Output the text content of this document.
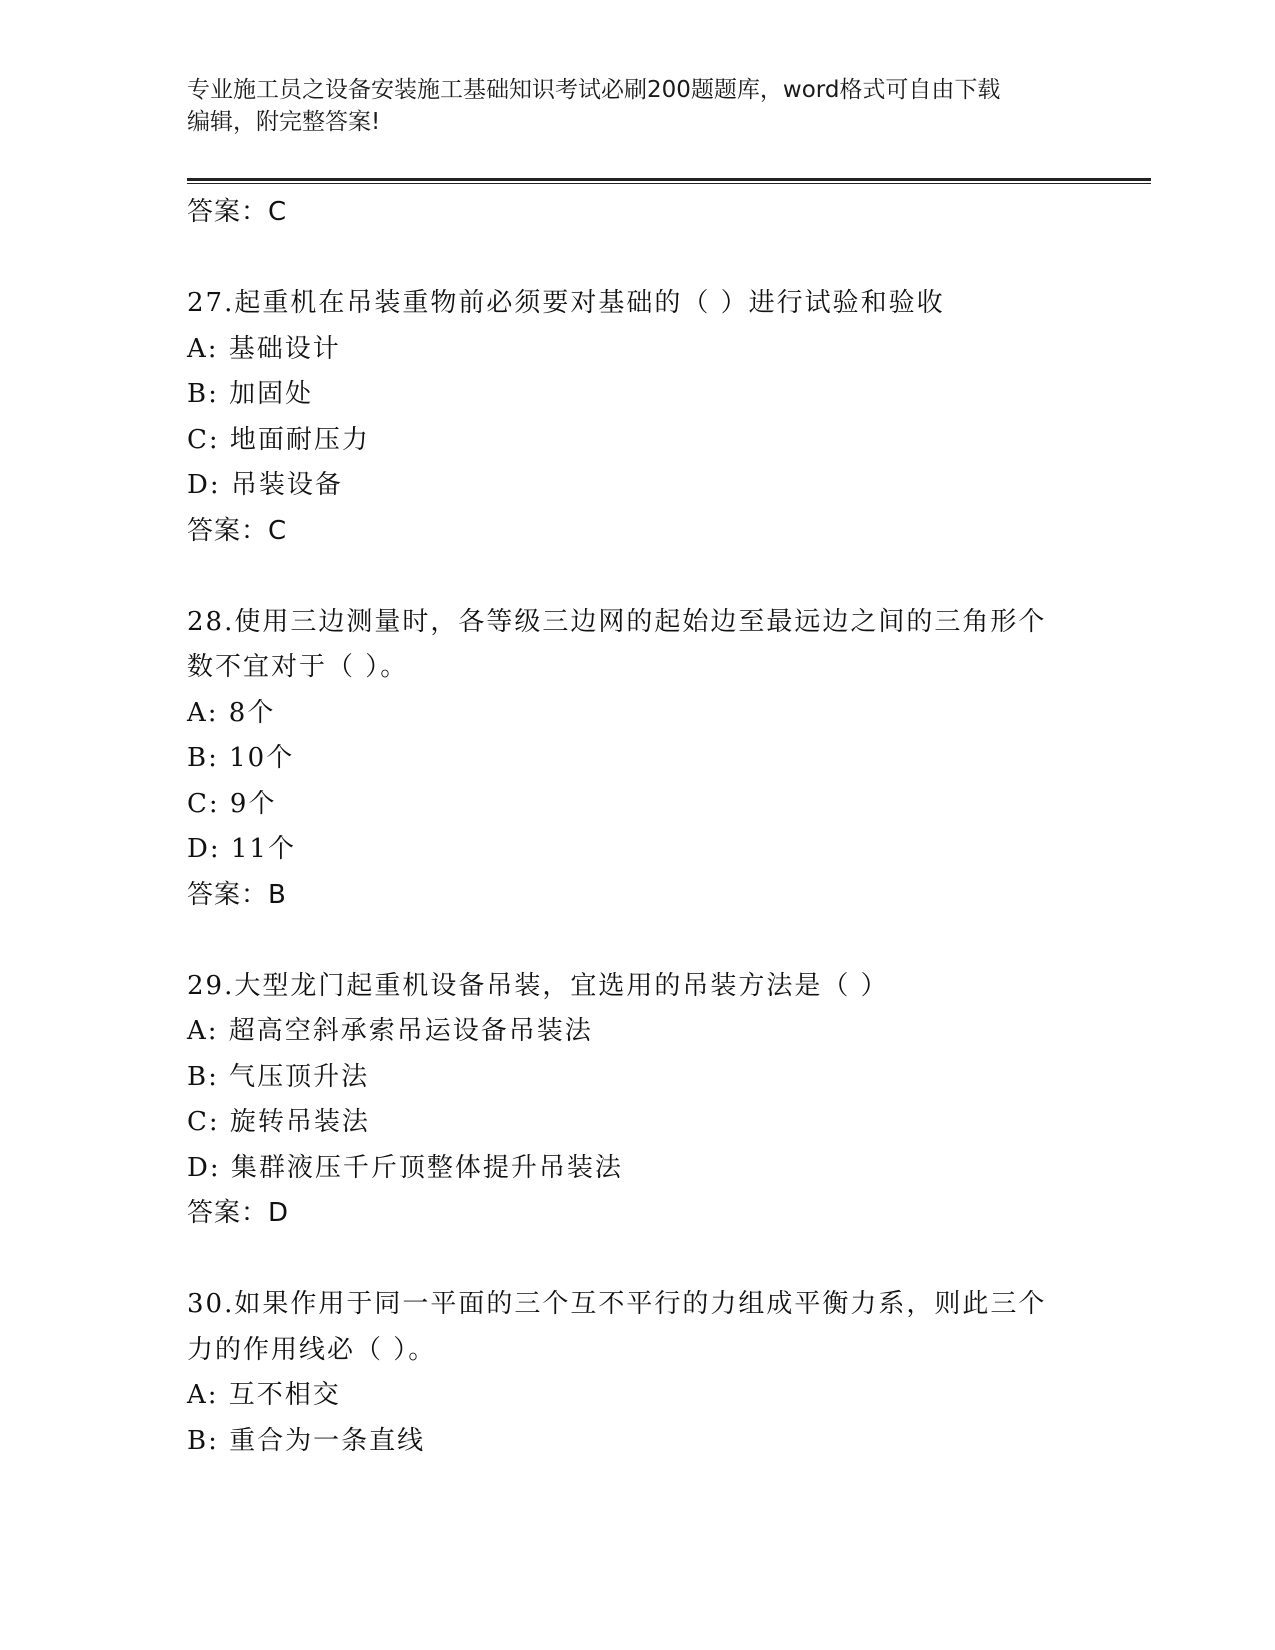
专业施工员之设备安装施工基础知识考试必刷200题题库，word格式可自由下载
编辑，附完整答案!
答案：C
27.起重机在吊装重物前必须要对基础的（ ）进行试验和验收
A: 基础设计
B: 加固处
C: 地面耐压力
D: 吊装设备
答案：C
28.使用三边测量时，各等级三边网的起始边至最远边之间的三角形个
数不宜对于（ ）。
A: 8个
B: 10个
C: 9个
D: 11个
答案：B
29.大型龙门起重机设备吊装，宜选用的吊装方法是（ ）
A: 超高空斜承索吊运设备吊装法
B: 气压顶升法
C: 旋转吊装法
D: 集群液压千斤顶整体提升吊装法
答案：D
30.如果作用于同一平面的三个互不平行的力组成平衡力系，则此三个
力的作用线必（ ）。
A: 互不相交
B: 重合为一条直线
